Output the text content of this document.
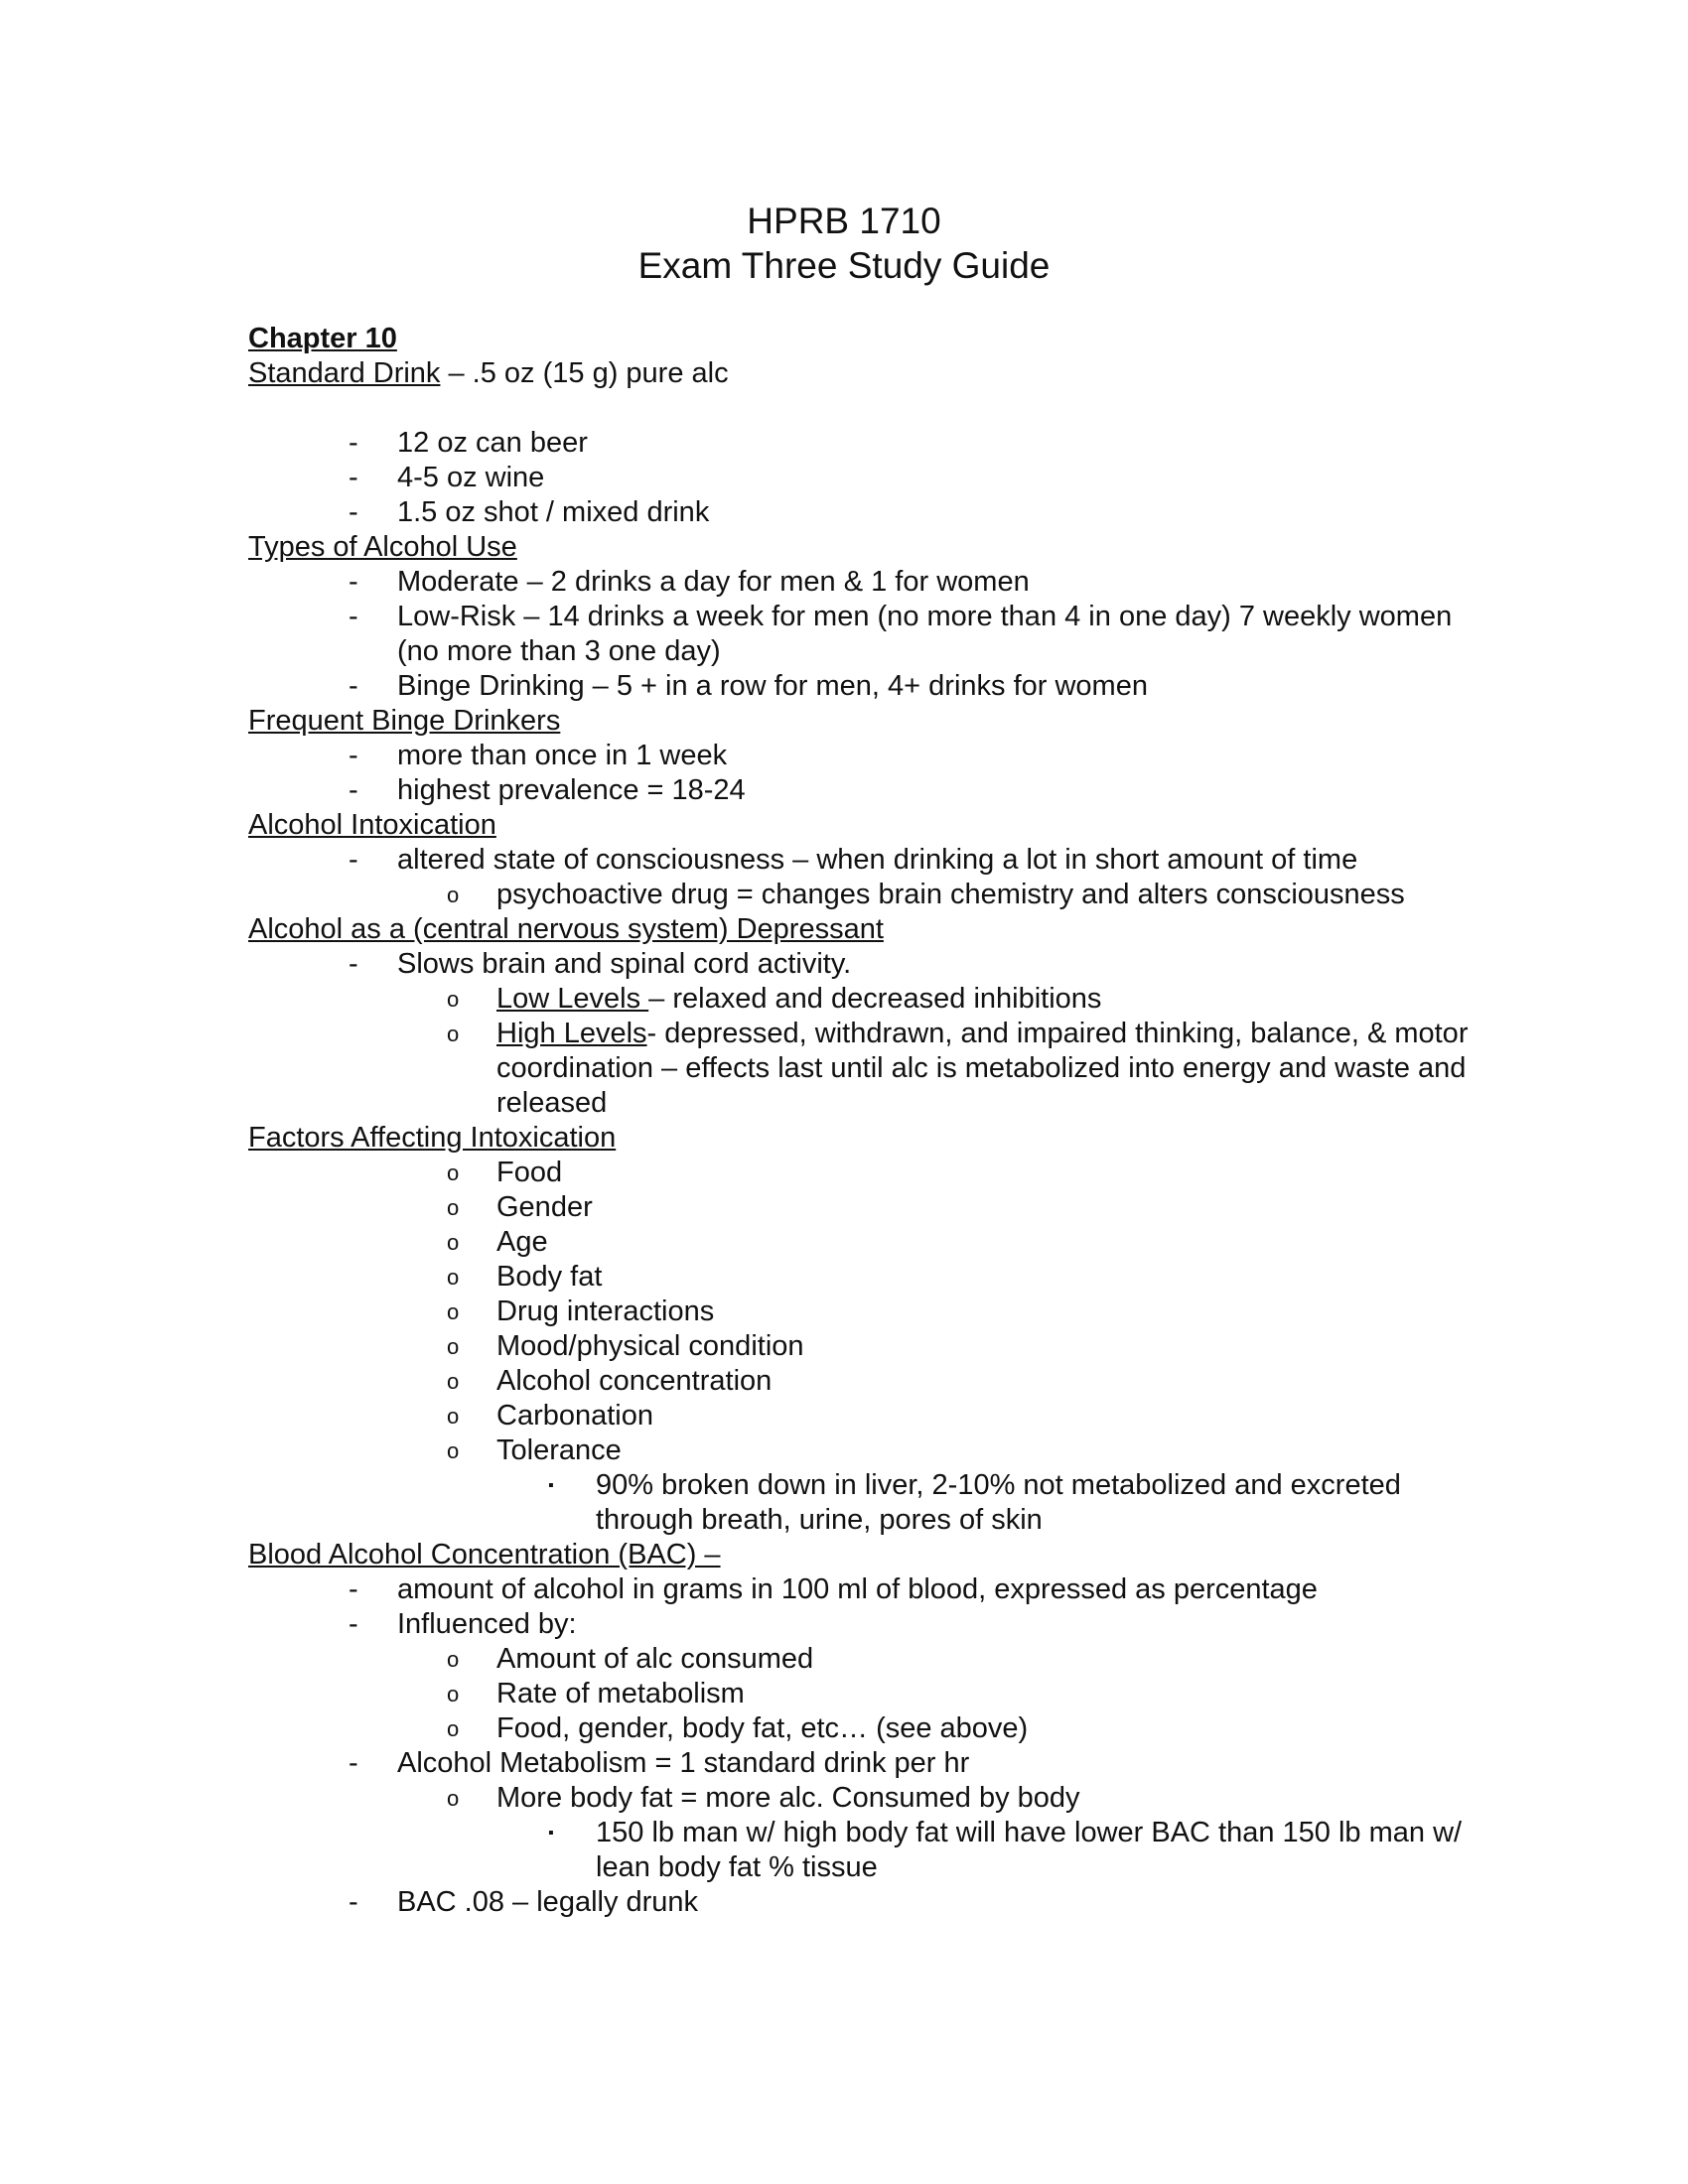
HPRB 1710
Exam Three Study Guide
Chapter 10
Standard Drink – .5 oz (15 g) pure alc
- 12 oz can beer
- 4-5 oz wine
- 1.5 oz shot / mixed drink
Types of Alcohol Use
- Moderate – 2 drinks a day for men & 1 for women
- Low-Risk – 14 drinks a week for men (no more than 4 in one day) 7 weekly women (no more than 3 one day)
- Binge Drinking – 5 + in a row for men, 4+ drinks for women
Frequent Binge Drinkers
- more than once in 1 week
- highest prevalence = 18-24
Alcohol Intoxication
- altered state of consciousness – when drinking a lot in short amount of time
o psychoactive drug = changes brain chemistry and alters consciousness
Alcohol as a (central nervous system) Depressant
- Slows brain and spinal cord activity.
o Low Levels – relaxed and decreased inhibitions
o High Levels- depressed, withdrawn, and impaired thinking, balance, & motor coordination – effects last until alc is metabolized into energy and waste and released
Factors Affecting Intoxication
o Food
o Gender
o Age
o Body fat
o Drug interactions
o Mood/physical condition
o Alcohol concentration
o Carbonation
o Tolerance
▪ 90% broken down in liver, 2-10% not metabolized and excreted through breath, urine, pores of skin
Blood Alcohol Concentration (BAC) –
- amount of alcohol in grams in 100 ml of blood, expressed as percentage
- Influenced by:
o Amount of alc consumed
o Rate of metabolism
o Food, gender, body fat, etc… (see above)
- Alcohol Metabolism = 1 standard drink per hr
o More body fat = more alc. Consumed by body
▪ 150 lb man w/ high body fat will have lower BAC than 150 lb man w/ lean body fat % tissue
- BAC .08 – legally drunk
